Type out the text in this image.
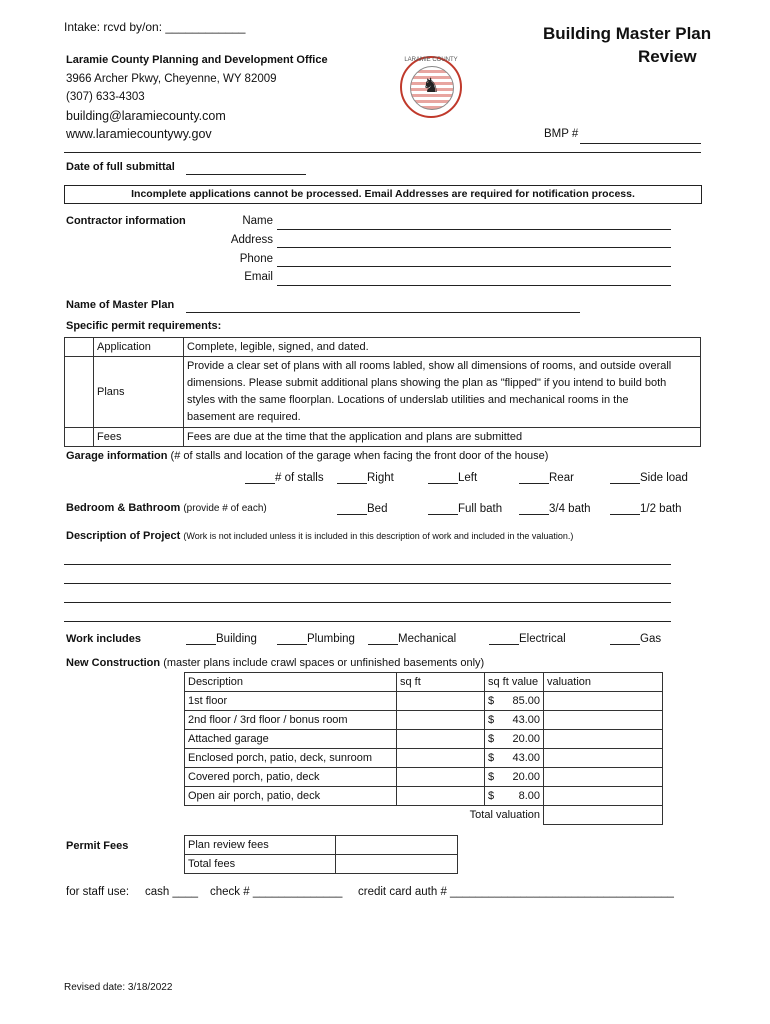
Intake: rcvd by/on: ____________	Building Master Plan
Review
Laramie County Planning and Development Office
3966 Archer Pkwy, Cheyenne, WY 82009
(307) 633-4303
building@laramiecounty.com
www.laramiecountywy.gov
LARAMIE COUNTY
♞
BMP #
Date of full submittal
Incomplete applications cannot be processed. Email Addresses are required for notification process.
Contractor information	Name
Address
Phone
Email
Name of Master Plan
Specific permit requirements:
	Application	Complete, legible, signed, and dated.
	Plans	Provide a clear set of plans with all rooms labled, show all dimensions of rooms, and outside overall
dimensions. Please submit additional plans showing the plan as "flipped" if you intend to build both
styles with the same floorplan. Locations of underslab utilities and mechanical rooms in the
basement are required.

	Fees	Fees are due at the time that the application and plans are submitted
Garage information (# of stalls and location of the garage when facing the front door of the house)
# of stalls	Right	Left	Rear	Side load
Bedroom & Bathroom (provide # of each)	Bed	Full bath	3/4 bath	1/2 bath
Description of Project (Work is not included unless it is included in this description of work and included in the valuation.)
Work includes	Building	Plumbing	Mechanical	Electrical	Gas
New Construction (master plans include crawl spaces or unfinished basements only)
Description	sq ft	sq ft value	valuation
1st floor		$ 85.00	

2nd floor / 3rd floor / bonus room		$ 43.00	

Attached garage		$ 20.00	

Enclosed porch, patio, deck, sunroom		$ 43.00	

Covered porch, patio, deck		$ 20.00	

Open air porch, patio, deck		$ 8.00	

	Total valuation		
Permit Fees	Plan review fees	
Total fees	
for staff use: cash ____ check # ______________ credit card auth # ___________________________________
Revised date: 3/18/2022
